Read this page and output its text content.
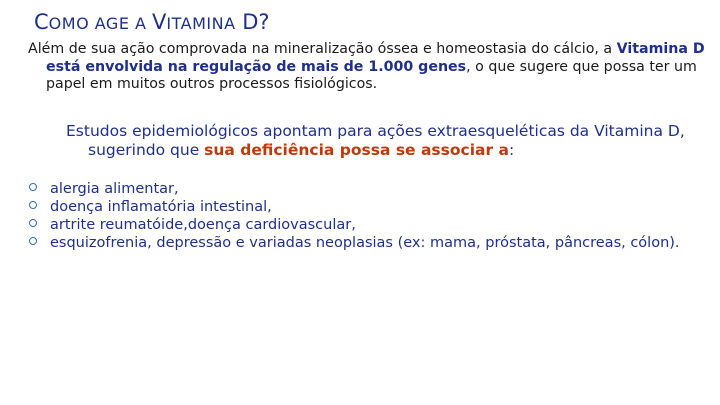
COMO AGE A VITAMINA D?
Além de sua ação comprovada na mineralização óssea e homeostasia do cálcio, a Vitamina D está envolvida na regulação de mais de 1.000 genes, o que sugere que possa ter um papel em muitos outros processos fisiológicos.
Estudos epidemiológicos apontam para ações extraesqueléticas da Vitamina D, sugerindo que sua deficiência possa se associar a:
alergia alimentar,
doença inflamatória intestinal,
artrite reumatóide,doença cardiovascular,
esquizofrenia, depressão e variadas neoplasias (ex: mama, próstata, pâncreas, cólon).
